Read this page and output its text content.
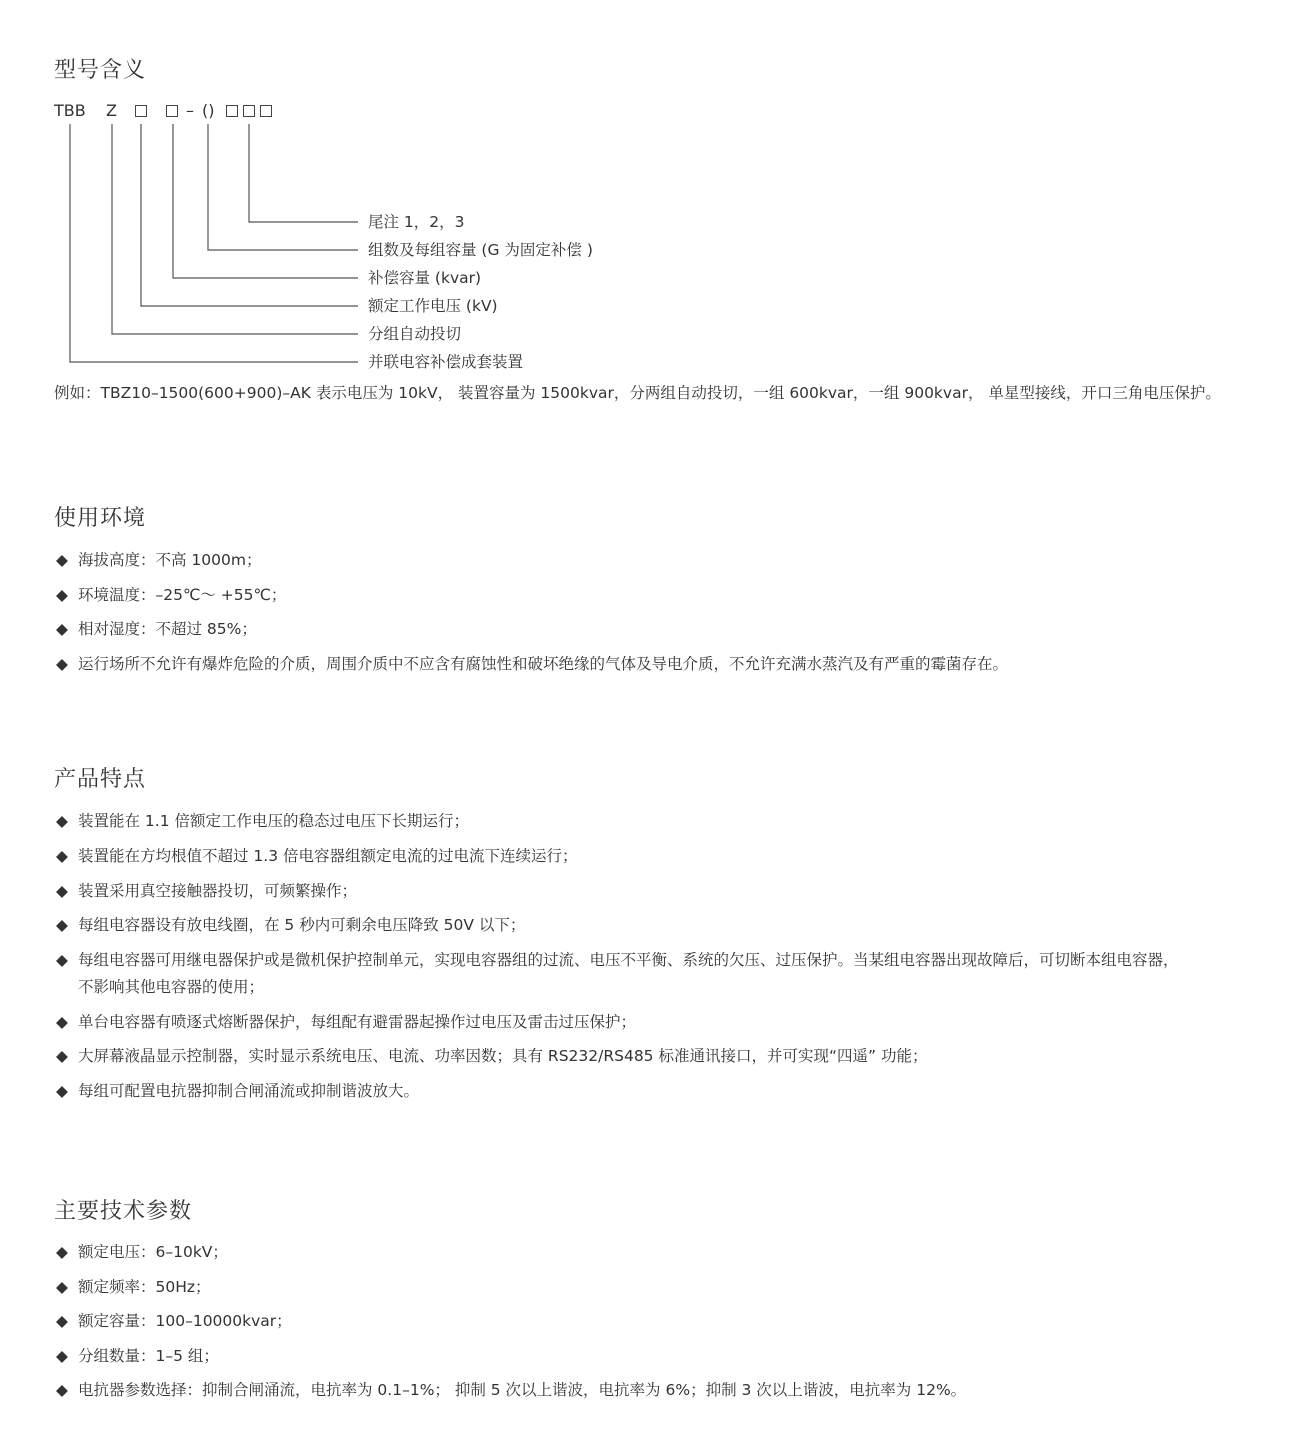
型号含义
TBB Z	– ()
尾注 1，2，3
组数及每组容量 (G 为固定补偿 )
补偿容量 (kvar)
额定工作电压 (kV)
分组自动投切
并联电容补偿成套装置
例如：TBZ10–1500(600+900)–AK 表示电压为 10kV， 装置容量为 1500kvar，分两组自动投切，一组 600kvar，一组 900kvar， 单星型接线，开口三角电压保护。
使用环境
◆ 海拔高度：不高 1000m；
◆ 环境温度：–25℃～ +55℃；
◆ 相对湿度：不超过 85%；
◆ 运行场所不允许有爆炸危险的介质，周围介质中不应含有腐蚀性和破坏绝缘的气体及导电介质，不允许充满水蒸汽及有严重的霉菌存在。
产品特点
◆ 装置能在 1.1 倍额定工作电压的稳态过电压下长期运行；
◆ 装置能在方均根值不超过 1.3 倍电容器组额定电流的过电流下连续运行；
◆ 装置采用真空接触器投切，可频繁操作；
◆ 每组电容器设有放电线圈，在 5 秒内可剩余电压降致 50V 以下；
◆ 每组电容器可用继电器保护或是微机保护控制单元，实现电容器组的过流、电压不平衡、系统的欠压、过压保护。当某组电容器出现故障后，可切断本组电容器，
不影响其他电容器的使用；
◆ 单台电容器有喷逐式熔断器保护，每组配有避雷器起操作过电压及雷击过压保护；
◆ 大屏幕液晶显示控制器，实时显示系统电压、电流、功率因数；具有 RS232/RS485 标准通讯接口，并可实现“四遥” 功能；
◆ 每组可配置电抗器抑制合闸涌流或抑制谐波放大。
主要技术参数
◆ 额定电压：6–10kV；
◆ 额定频率：50Hz；
◆ 额定容量：100–10000kvar；
◆ 分组数量：1–5 组；
◆ 电抗器参数选择：抑制合闸涌流，电抗率为 0.1–1%； 抑制 5 次以上谐波，电抗率为 6%；抑制 3 次以上谐波，电抗率为 12%。
